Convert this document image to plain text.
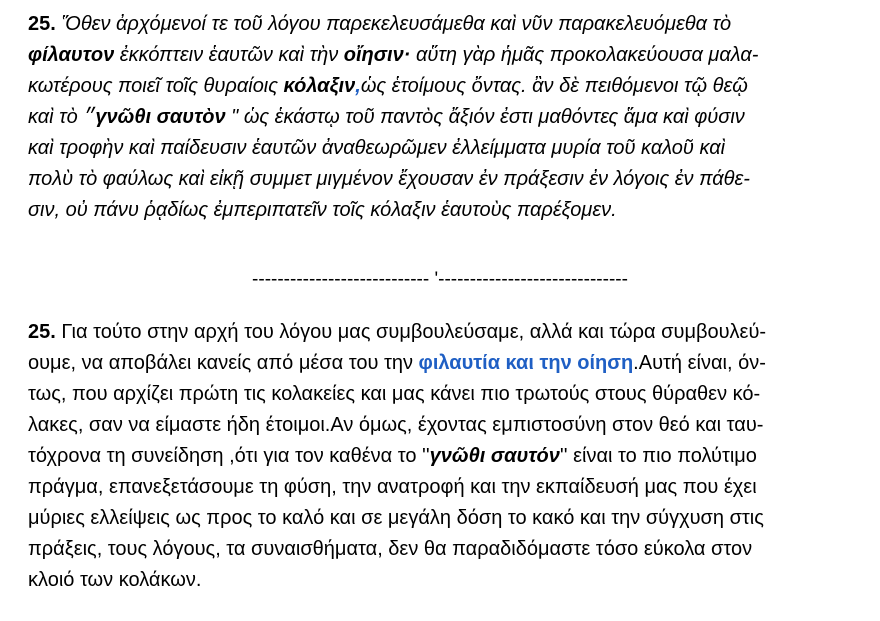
25. Ὅθεν ἀρχόμενοί τε τοῦ λόγου παρεκελευσάμεθα καὶ νῦν παρακελευόμεθα τὸ
φίλαυτον ἐκκόπτειν ἑαυτῶν καὶ τὴν οἴησιν· αὕτη γὰρ ἡμᾶς προκολακεύουσα μαλα-
κωτέρους ποιεῖ τοῖς θυραίοις κόλαξιν,ὡς ἑτοίμους ὄντας. ἂν δὲ πειθόμενοι τῷ θεῷ
καὶ τὸ ״γνῶθι σαυτὸν " ὡς ἑκάστῳ τοῦ παντὸς ἄξιόν ἐστι μαθόντες ἅμα καὶ φύσιν
καὶ τροφὴν καὶ παίδευσιν ἑαυτῶν ἀναθεωρῶμεν ἐλλείμματα μυρία τοῦ καλοῦ καὶ
πολὺ τὸ φαύλως καὶ εἰκῇ συμμετ μιγμένον ἔχουσαν ἐν πράξεσιν ἐν λόγοις ἐν πάθε-
σιν, οὐ πάνυ ῥᾳδίως ἐμπεριπατεῖν τοῖς κόλαξιν ἑαυτοὺς παρέξομεν.
---------------------------- '------------------------------
25. Για τούτο στην αρχή του λόγου μας συμβουλεύσαμε, αλλά και τώρα συμβουλεύ-
ουμε, να αποβάλει κανείς από μέσα του την φιλαυτία και την οίηση.Αυτή είναι, όν-
τως, που αρχίζει πρώτη τις κολακείες και μας κάνει πιο τρωτούς στους θύραθεν κό-
λακες, σαν να είμαστε ήδη έτοιμοι.Αν όμως, έχοντας εμπιστοσύνη στον θεό και ταυ-
τόχρονα τη συνείδηση ,ότι για τον καθένα το ''γνῶθι σαυτόν'' είναι το πιο πολύτιμο
πράγμα, επανεξετάσουμε τη φύση, την ανατροφή και την εκπαίδευσή μας που έχει
μύριες ελλείψεις ως προς το καλό και σε μεγάλη δόση το κακό και την σύγχυση στις
πράξεις, τους λόγους, τα συναισθήματα, δεν θα παραδιδόμαστε τόσο εύκολα στον
κλοιό των κολάκων.
